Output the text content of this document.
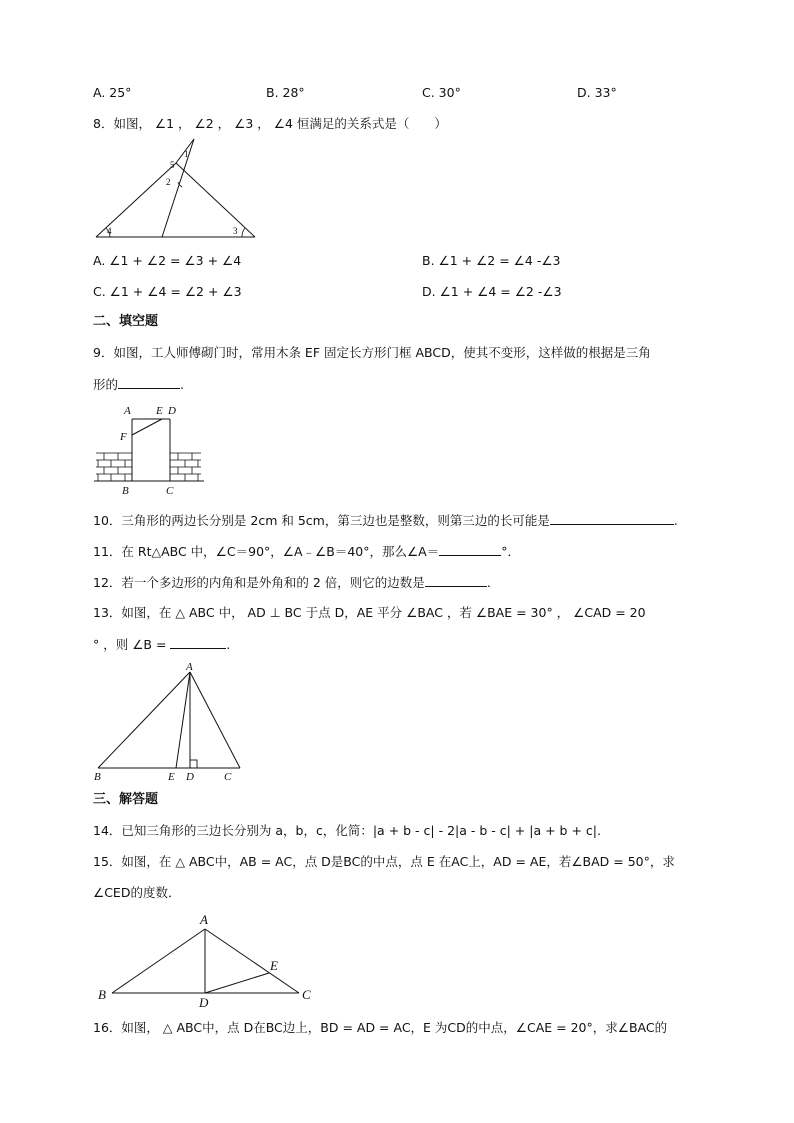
A. 25°	B. 28°	C. 30°	D. 33°
8．如图， ∠1 ， ∠2 ， ∠3 ， ∠4 恒满足的关系式是（　　）
1
5
2
4	3
A. ∠1 + ∠2 = ∠3 + ∠4	B. ∠1 + ∠2 = ∠4 -∠3
C. ∠1 + ∠4 = ∠2 + ∠3	D. ∠1 + ∠4 = ∠2 -∠3
二、填空题
9．如图，工人师傅砌门时，常用木条 EF 固定长方形门框 ABCD，使其不变形，这样做的根据是三角
形的	.
A E D
F
B	C
10．三角形的两边长分别是 2cm 和 5cm，第三边也是整数，则第三边的长可能是	.
11．在 Rt△ABC 中，∠C＝90°，∠A﹣∠B＝40°，那么∠A＝	°．
12．若一个多边形的内角和是外角和的 2 倍，则它的边数是	.
13．如图，在 △ ABC 中， AD ⊥ BC 于点 D，AE 平分 ∠BAC ，若 ∠BAE = 30° ， ∠CAD = 20
° ，则 ∠B =	.
A
B	E D	C
三、解答题
14．已知三角形的三边长分别为 a，b，c，化简：|a + b - c| - 2|a - b - c| + |a + b + c|.
15．如图，在 △ ABC中，AB = AC，点 D是BC的中点，点 E 在AC上，AD = AE，若∠BAD = 50°，求
∠CED的度数．
A
E
B
D
C
16．如图， △ ABC中，点 D在BC边上，BD = AD = AC，E 为CD的中点，∠CAE = 20°，求∠BAC的
